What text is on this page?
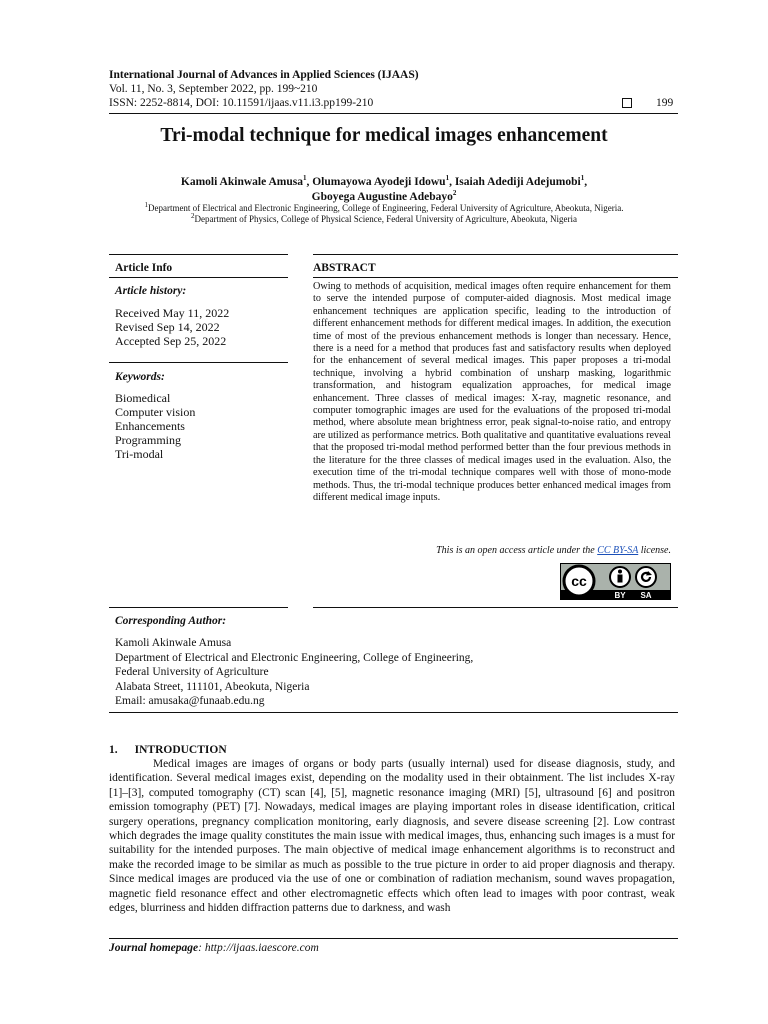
International Journal of Advances in Applied Sciences (IJAAS)
Vol. 11, No. 3, September 2022, pp. 199~210
ISSN: 2252-8814, DOI: 10.11591/ijaas.v11.i3.pp199-210	199
Tri-modal technique for medical images enhancement
Kamoli Akinwale Amusa$^1$, Olumayowa Ayodeji Idowu$^1$, Isaiah Adediji Adejumobi$^1$,
Gboyega Augustine Adebayo$^2$
$^1$Department of Electrical and Electronic Engineering, College of Engineering, Federal University of Agriculture, Abeokuta, Nigeria.
$^2$Department of Physics, College of Physical Science, Federal University of Agriculture, Abeokuta, Nigeria
Article Info	ABSTRACT
Article history:
Received May 11, 2022
Revised Sep 14, 2022
Accepted Sep 25, 2022
Keywords:
Biomedical
Computer vision
Enhancements
Programming
Tri-modal
Owing to methods of acquisition, medical images often require enhancement for them to serve the intended purpose of computer-aided diagnosis. Most medical image enhancement techniques are application specific, leading to the introduction of different enhancement methods for different medical images. In addition, the execution time of most of the previous enhancement methods is longer than necessary. Hence, there is a need for a method that produces fast and satisfactory results when deployed for the enhancement of several medical images. This paper proposes a tri-modal technique, involving a hybrid combination of unsharp masking, logarithmic transformation, and histogram equalization approaches, for medical image enhancement. Three classes of medical images: X-ray, magnetic resonance, and computer tomographic images are used for the evaluations of the proposed tri-modal method, where absolute mean brightness error, peak signal-to-noise ratio, and entropy are utilized as performance metrics. Both qualitative and quantitative evaluations reveal that the proposed tri-modal method performed better than the four previous methods in the literature for the three classes of medical images used in the evaluation. Also, the execution time of the tri-modal technique compares well with those of mono-mode methods. Thus, the tri-modal technique produces better enhanced medical images from different medical image inputs.
This is an open access article under the CC BY-SA license.
cc
BY SA
Corresponding Author:
Kamoli Akinwale Amusa
Department of Electrical and Electronic Engineering, College of Engineering,
Federal University of Agriculture
Alabata Street, 111101, Abeokuta, Nigeria
Email: amusaka@funaab.edu.ng
1. INTRODUCTION

Medical images are images of organs or body parts (usually internal) used for disease diagnosis, study, and identification. Several medical images exist, depending on the modality used in their obtainment. The list includes X-ray [1]–[3], computed tomography (CT) scan [4], [5], magnetic resonance imaging (MRI) [5], ultrasound [6] and positron emission tomography (PET) [7]. Nowadays, medical images are playing important roles in disease identification, critical surgery operations, pregnancy complication monitoring, early diagnosis, and severe disease screening [2]. Low contrast which degrades the image quality constitutes the main issue with medical images, thus, enhancing such images is a must for suitability for the intended purposes. The main objective of medical image enhancement algorithms is to reconstruct and make the recorded image to be similar as much as possible to the true picture in order to aid proper diagnosis and therapy. Since medical images are produced via the use of one or combination of radiation mechanism, sound waves propagation, magnetic field resonance effect and other electromagnetic effects which often lead to images with poor contrast, weak edges, blurriness and hidden diffraction patterns due to darkness, and wash

Journal homepage: http://ijaas.iaescore.com
